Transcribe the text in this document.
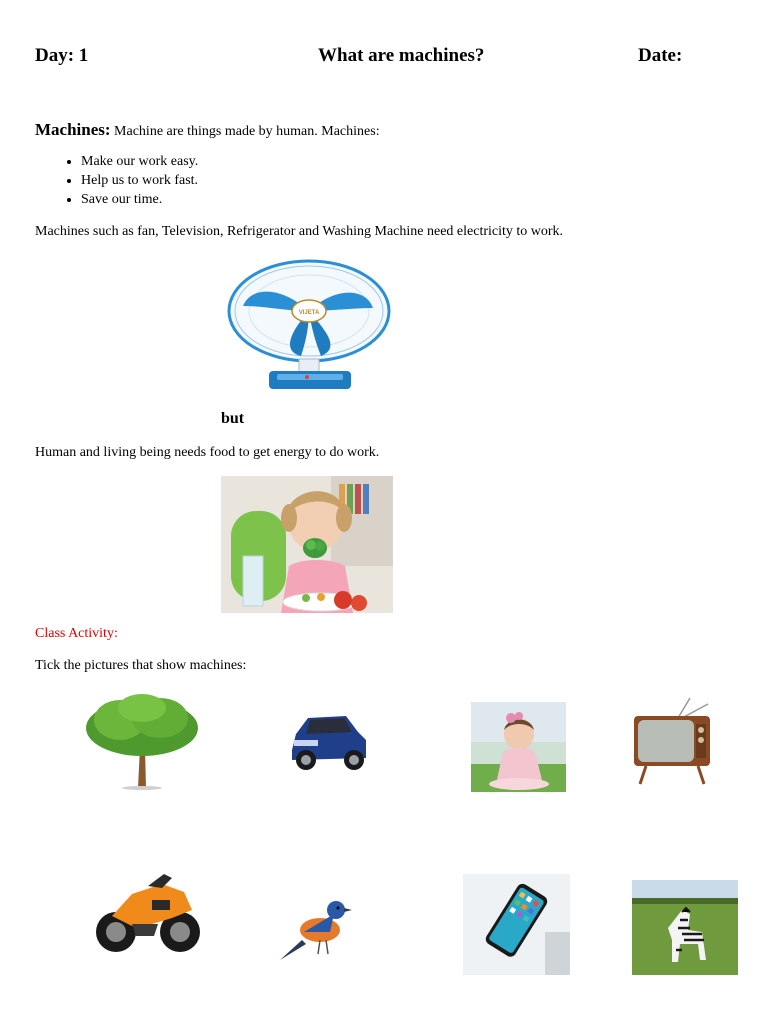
Day: 1	What are machines?	Date:
Machines: Machine are things made by human. Machines:
• Make our work easy.
• Help us to work fast.
• Save our time.
Machines such as fan, Television, Refrigerator and Washing Machine need electricity to work.
VIJETA
but
Human and living being needs food to get energy to do work.
Class Activity:
Tick the pictures that show machines:
